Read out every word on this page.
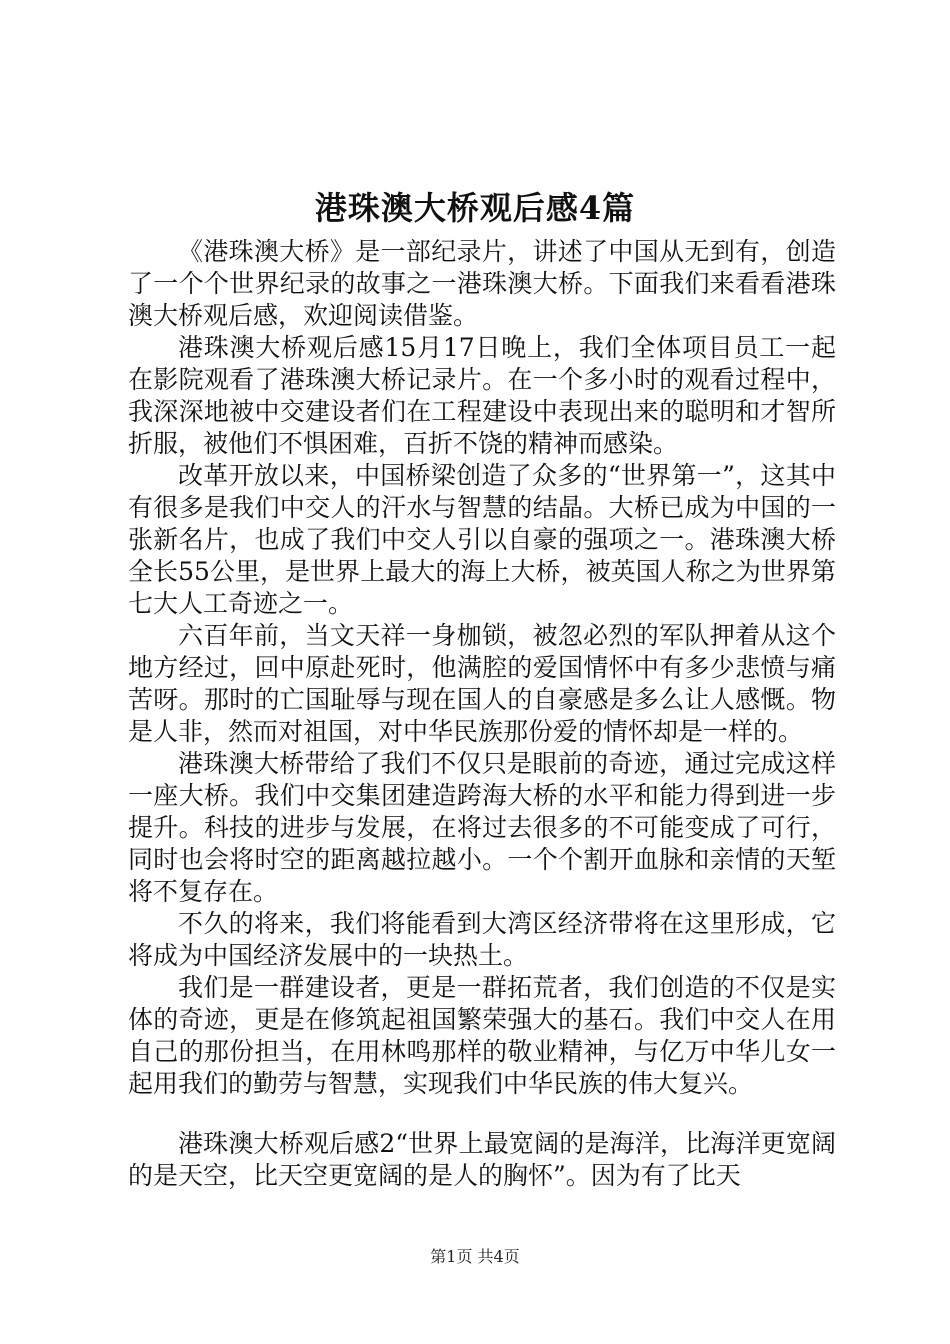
港珠澳大桥观后感4篇

《港珠澳大桥》是一部纪录片，讲述了中国从无到有，创造了一个个世界纪录的故事之一港珠澳大桥。下面我们来看看港珠澳大桥观后感，欢迎阅读借鉴。

港珠澳大桥观后感15月17日晚上，我们全体项目员工一起在影院观看了港珠澳大桥记录片。在一个多小时的观看过程中，我深深地被中交建设者们在工程建设中表现出来的聪明和才智所折服，被他们不惧困难，百折不饶的精神而感染。

改革开放以来，中国桥梁创造了众多的“世界第一”，这其中有很多是我们中交人的汗水与智慧的结晶。大桥已成为中国的一张新名片，也成了我们中交人引以自豪的强项之一。港珠澳大桥全长55公里，是世界上最大的海上大桥，被英国人称之为世界第七大人工奇迹之一。

六百年前，当文天祥一身枷锁，被忽必烈的军队押着从这个地方经过，回中原赴死时，他满腔的爱国情怀中有多少悲愤与痛苦呀。那时的亡国耻辱与现在国人的自豪感是多么让人感慨。物是人非，然而对祖国，对中华民族那份爱的情怀却是一样的。

港珠澳大桥带给了我们不仅只是眼前的奇迹，通过完成这样一座大桥。我们中交集团建造跨海大桥的水平和能力得到进一步提升。科技的进步与发展，在将过去很多的不可能变成了可行，同时也会将时空的距离越拉越小。一个个割开血脉和亲情的天堑将不复存在。

不久的将来，我们将能看到大湾区经济带将在这里形成，它将成为中国经济发展中的一块热土。

我们是一群建设者，更是一群拓荒者，我们创造的不仅是实体的奇迹，更是在修筑起祖国繁荣强大的基石。我们中交人在用自己的那份担当，在用林鸣那样的敬业精神，与亿万中华儿女一起用我们的勤劳与智慧，实现我们中华民族的伟大复兴。

港珠澳大桥观后感2“世界上最宽阔的是海洋，比海洋更宽阔的是天空，比天空更宽阔的是人的胸怀”。因为有了比天

第1页 共4页
